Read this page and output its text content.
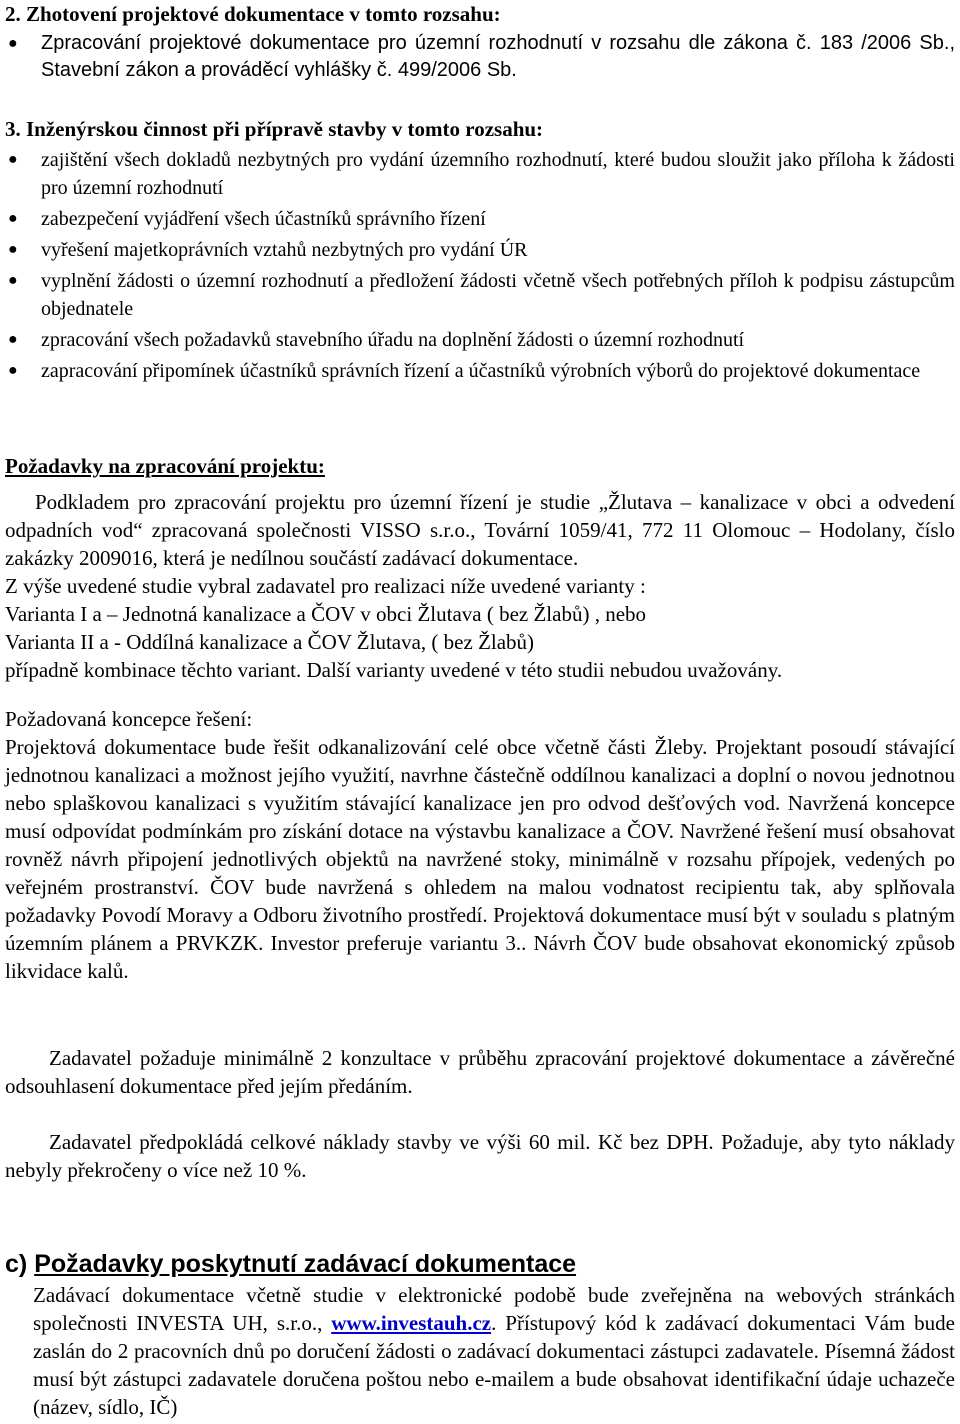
2. Zhotovení projektové dokumentace v tomto rozsahu:

● Zpracování projektové dokumentace pro územní rozhodnutí v rozsahu dle zákona č. 183 /2006 Sb., Stavební zákon a prováděcí vyhlášky č. 499/2006 Sb.

3. Inženýrskou činnost při přípravě stavby v tomto rozsahu:

● zajištění všech dokladů nezbytných pro vydání územního rozhodnutí, které budou sloužit jako příloha k žádosti pro územní rozhodnutí
● zabezpečení vyjádření všech účastníků správního řízení
● vyřešení majetkoprávních vztahů nezbytných pro vydání ÚR
● vyplnění žádosti o územní rozhodnutí a předložení žádosti včetně všech potřebných příloh k podpisu zástupcům objednatele
● zpracování všech požadavků stavebního úřadu na doplnění žádosti o územní rozhodnutí
● zapracování připomínek účastníků správních řízení a účastníků výrobních výborů do projektové dokumentace
Požadavky na zpracování projektu:

Podkladem pro zpracování projektu pro územní řízení je studie „Žlutava – kanalizace v obci a odvedení odpadních vod“ zpracovaná společnosti VISSO s.r.o., Tovární 1059/41, 772 11 Olomouc – Hodolany, číslo zakázky 2009016, která je nedílnou součástí zadávací dokumentace.

Z výše uvedené studie vybral zadavatel pro realizaci níže uvedené varianty :

Varianta I a – Jednotná kanalizace a ČOV v obci Žlutava ( bez Žlabů) , nebo

Varianta II a - Oddílná kanalizace a ČOV Žlutava, ( bez Žlabů)

případně kombinace těchto variant. Další varianty uvedené v této studii nebudou uvažovány.

Požadovaná koncepce řešení:

Projektová dokumentace bude řešit odkanalizování celé obce včetně části Žleby. Projektant posoudí stávající jednotnou kanalizaci a možnost jejího využití, navrhne částečně oddílnou kanalizaci a doplní o novou jednotnou nebo splaškovou kanalizaci s využitím stávající kanalizace jen pro odvod dešťových vod. Navržená koncepce musí odpovídat podmínkám pro získání dotace na výstavbu kanalizace a ČOV. Navržené řešení musí obsahovat rovněž návrh připojení jednotlivých objektů na navržené stoky, minimálně v rozsahu přípojek, vedených po veřejném prostranství. ČOV bude navržená s ohledem na malou vodnatost recipientu tak, aby splňovala požadavky Povodí Moravy a Odboru životního prostředí. Projektová dokumentace musí být v souladu s platným územním plánem a PRVKZK. Investor preferuje variantu 3.. Návrh ČOV bude obsahovat ekonomický způsob likvidace kalů.

Zadavatel požaduje minimálně 2 konzultace v průběhu zpracování projektové dokumentace a závěrečné odsouhlasení dokumentace před jejím předáním.

Zadavatel předpokládá celkové náklady stavby ve výši 60 mil. Kč bez DPH. Požaduje, aby tyto náklady nebyly překročeny o více než 10 %.

c) Požadavky poskytnutí zadávací dokumentace

Zadávací dokumentace včetně studie v elektronické podobě bude zveřejněna na webových stránkách společnosti INVESTA UH, s.r.o., www.investauh.cz. Přístupový kód k zadávací dokumentaci Vám bude zaslán do 2 pracovních dnů po doručení žádosti o zadávací dokumentaci zástupci zadavatele. Písemná žádost musí být zástupci zadavatele doručena poštou nebo e-mailem a bude obsahovat identifikační údaje uchazeče (název, sídlo, IČ)
